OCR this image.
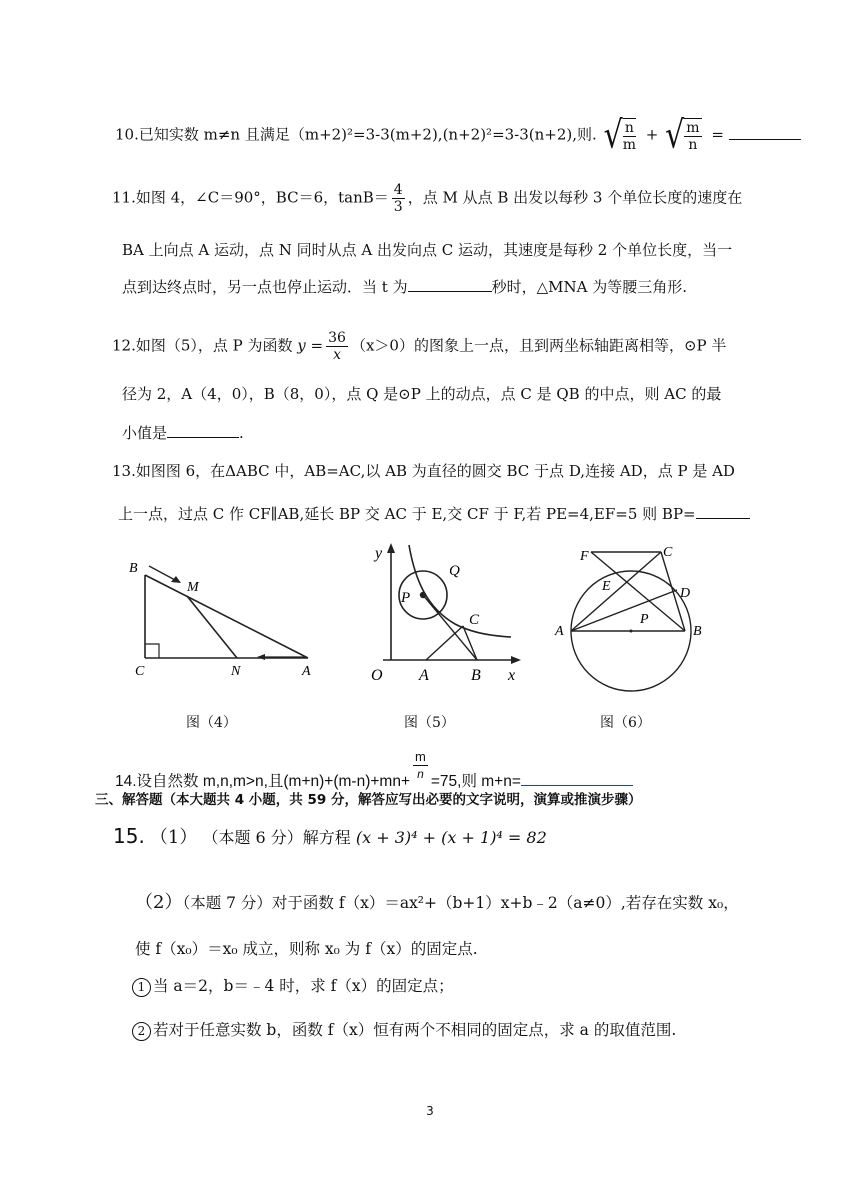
10.已知实数 m≠n 且满足（m+2)²=3-3(m+2),(n+2)²=3-3(n+2),则. √ $\frac{n}{m}$ + √ $\frac{m}{n}$ =
11.如图 4，∠C＝90°，BC＝6，$\tan B= \frac{4}{3}$ ，点 M 从点 B 出发以每秒 3 个单位长度的速度在
BA 上向点 A 运动，点 N 同时从点 A 出发向点 C 运动，其速度是每秒 2 个单位长度，当一
点到达终点时，另一点也停止运动．当 t 为	秒时，△MNA 为等腰三角形.
12.如图（5），点 P 为函数 $y = \frac{36}{x} (x>0)$的图象上一点，且到两坐标轴距离相等，⊙P 半
径为 2，A（4，0），B（8，0），点 Q 是⊙P 上的动点，点 C 是 QB 的中点，则 AC 的最
小值是	.
13.如图图 6，在ΔABC 中，AB=AC,以 AB 为直径的圆交 BC 于点 D,连接 AD，点 P 是 AD
上一点，过点 C 作 CF∥AB,延长 BP 交 AC 于 E,交 CF 于 F,若 PE=4,EF=5 则 BP=
B
M
C	N	A
图（4）
y
P
Q
C
O A	B x
图（5）
F	C
E	D
A
P
B
图（6）
14.设自然数 m,n,m>n,且$(m+n)+(m-n)+mn+ \frac{m}{n} =75$,则 m+n=
三、解答题（本大题共 4 小题，共 59 分，解答应写出必要的文字说明，演算或推演步骤）
15. （1） （本题 6 分）解方程 (x + 3)⁴ + (x + 1)⁴ = 82
（2）（本题 7 分）对于函数 f（x）＝ax²+（b+1）x+b﹣2（a≠0）,若存在实数 x₀，
使 f（x₀）＝x₀ 成立，则称 x₀ 为 f（x）的固定点.
1 当 a＝2，b＝﹣4 时，求 f（x）的固定点；
2 若对于任意实数 b，函数 f（x）恒有两个不相同的固定点，求 a 的取值范围.
3
